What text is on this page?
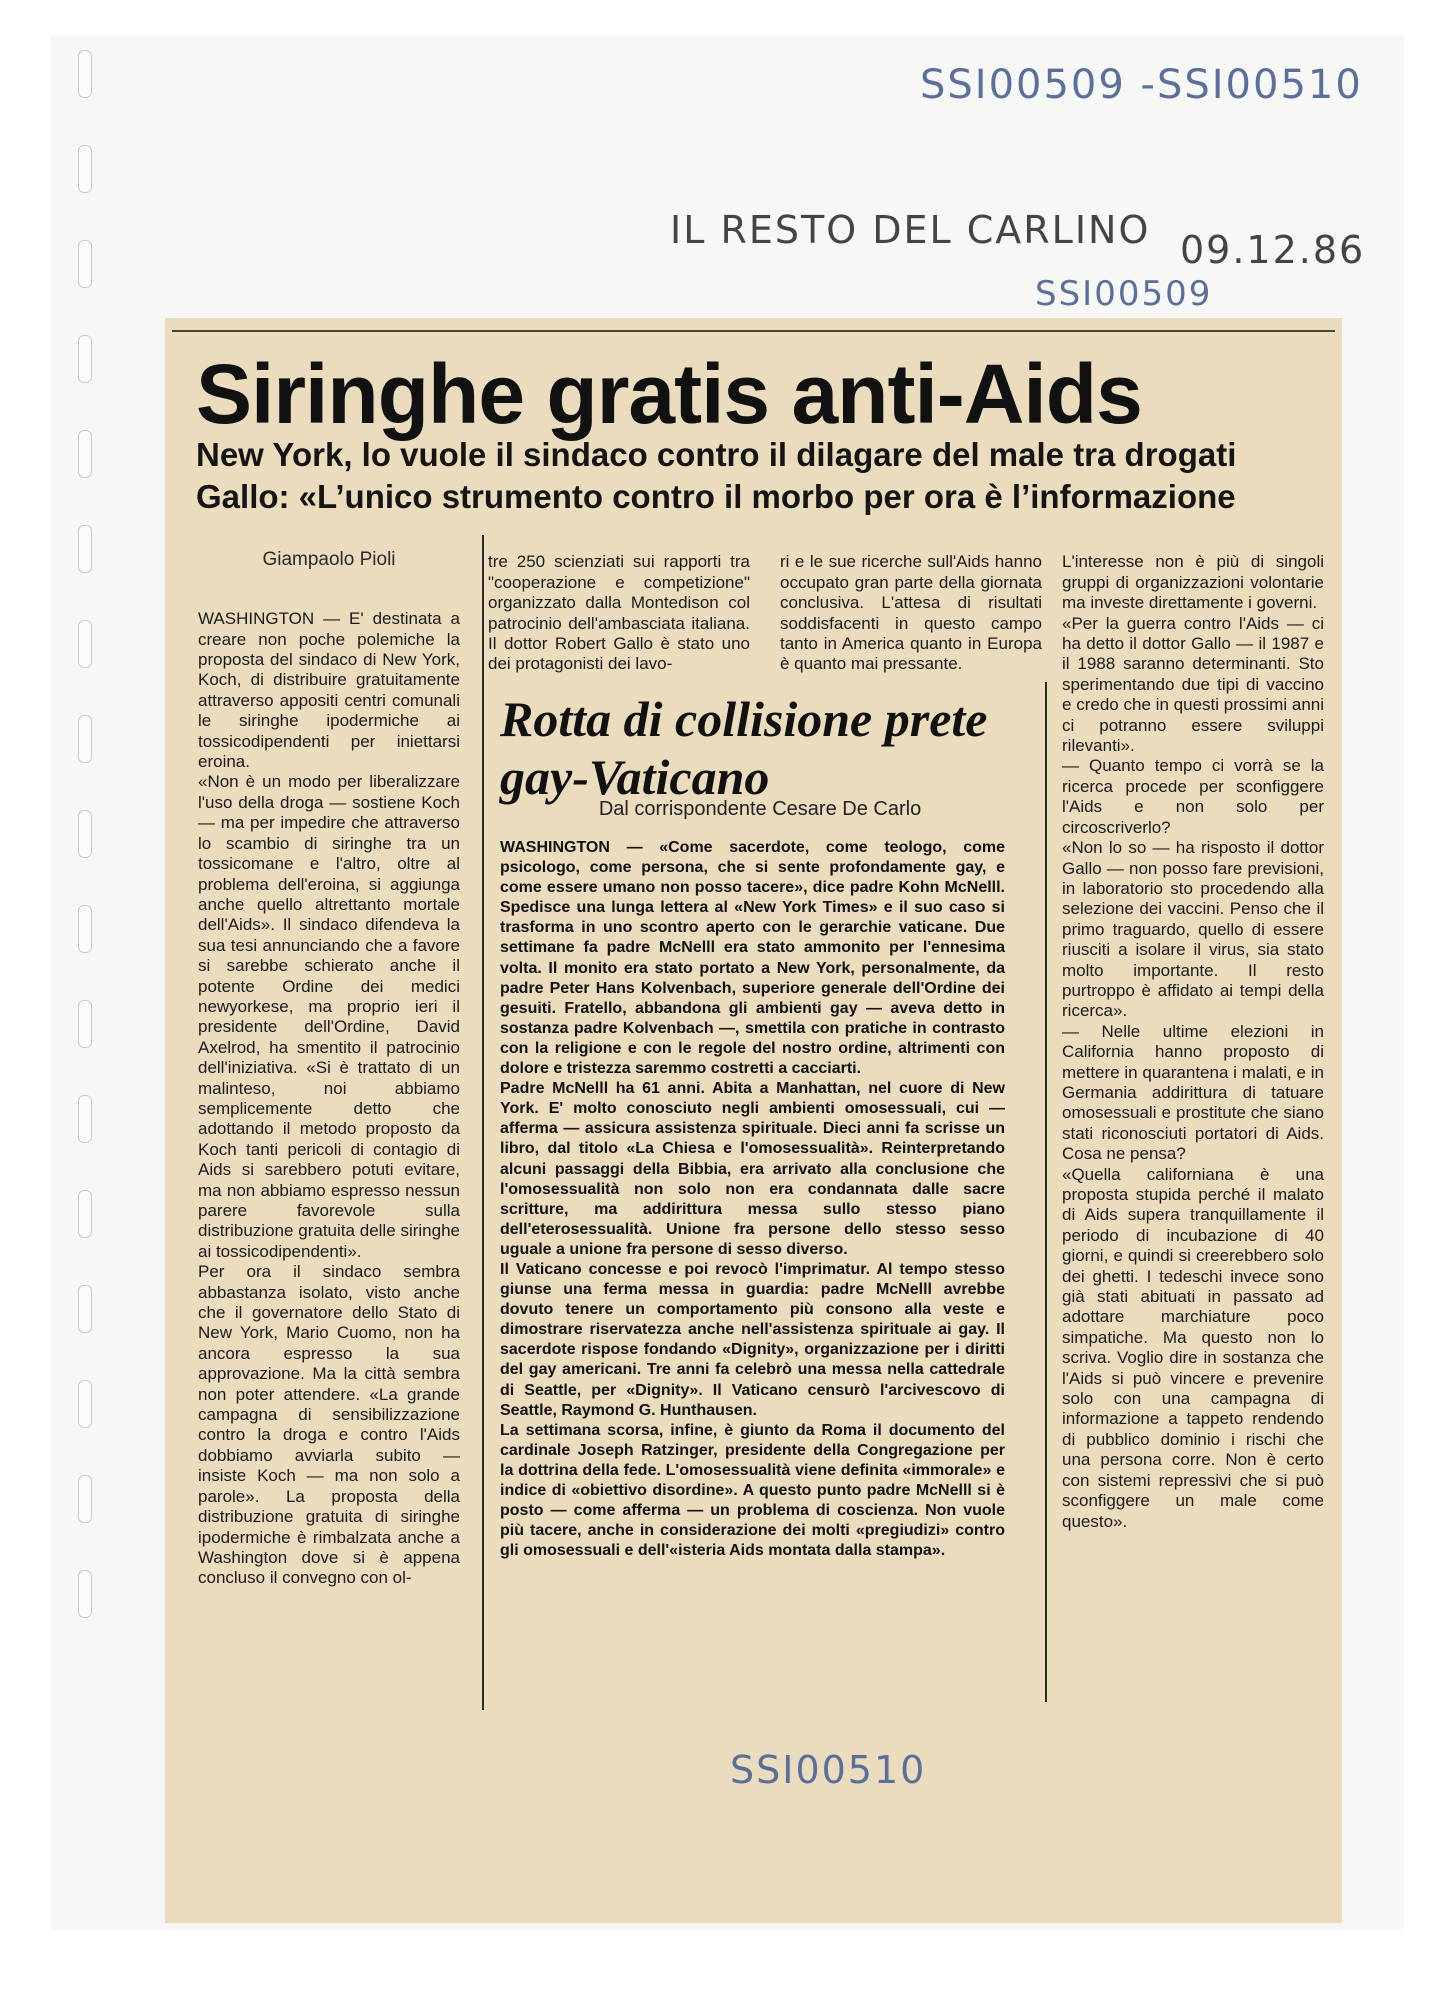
SSI00509 -SSI00510
IL RESTO DEL CARLINO 09.12.86
SSI00509
Siringhe gratis anti-Aids
New York, lo vuole il sindaco contro il dilagare del male tra drogati
Gallo: «L’unico strumento contro il morbo per ora è l’informazione

Giampaolo Pioli

WASHINGTON — E' destinata a creare non poche polemiche la proposta del sindaco di New York, Koch, di distribuire gratuitamente attraverso appositi centri comunali le siringhe ipodermiche ai tossicodipendenti per iniettarsi eroina.
«Non è un modo per liberalizzare l'uso della droga — sostiene Koch — ma per impedire che attraverso lo scambio di siringhe tra un tossicomane e l'altro, oltre al problema dell'eroina, si aggiunga anche quello altrettanto mortale dell'Aids». Il sindaco difendeva la sua tesi annunciando che a favore si sarebbe schierato anche il potente Ordine dei medici newyorkese, ma proprio ieri il presidente dell'Ordine, David Axelrod, ha smentito il patrocinio dell'iniziativa. «Si è trattato di un malinteso, noi abbiamo semplicemente detto che adottando il metodo proposto da Koch tanti pericoli di contagio di Aids si sarebbero potuti evitare, ma non abbiamo espresso nessun parere favorevole sulla distribuzione gratuita delle siringhe ai tossicodipendenti».
Per ora il sindaco sembra abbastanza isolato, visto anche che il governatore dello Stato di New York, Mario Cuomo, non ha ancora espresso la sua approvazione. Ma la città sembra non poter attendere. «La grande campagna di sensibilizzazione contro la droga e contro l'Aids dobbiamo avviarla subito — insiste Koch — ma non solo a parole». La proposta della distribuzione gratuita di siringhe ipodermiche è rimbalzata anche a Washington dove si è appena concluso il convegno con ol-

tre 250 scienziati sui rapporti tra "cooperazione e competizione" organizzato dalla Montedison col patrocinio dell'ambasciata italiana. Il dottor Robert Gallo è stato uno dei protagonisti dei lavo-

ri e le sue ricerche sull'Aids hanno occupato gran parte della giornata conclusiva. L'attesa di risultati soddisfacenti in questo campo tanto in America quanto in Europa è quanto mai pressante.

L'interesse non è più di singoli gruppi di organizzazioni volontarie ma investe direttamente i governi.
«Per la guerra contro l'Aids — ci ha detto il dottor Gallo — il 1987 e il 1988 saranno determinanti. Sto sperimentando due tipi di vaccino e credo che in questi prossimi anni ci potranno essere sviluppi rilevanti».
— Quanto tempo ci vorrà se la ricerca procede per sconfiggere l'Aids e non solo per circoscriverlo?
«Non lo so — ha risposto il dottor Gallo — non posso fare previsioni, in laboratorio sto procedendo alla selezione dei vaccini. Penso che il primo traguardo, quello di essere riusciti a isolare il virus, sia stato molto importante. Il resto purtroppo è affidato ai tempi della ricerca».
— Nelle ultime elezioni in California hanno proposto di mettere in quarantena i malati, e in Germania addirittura di tatuare omosessuali e prostitute che siano stati riconosciuti portatori di Aids. Cosa ne pensa?
«Quella californiana è una proposta stupida perché il malato di Aids supera tranquillamente il periodo di incubazione di 40 giorni, e quindi si creerebbero solo dei ghetti. I tedeschi invece sono già stati abituati in passato ad adottare marchiature poco simpatiche. Ma questo non lo scriva. Voglio dire in sostanza che l'Aids si può vincere e prevenire solo con una campagna di informazione a tappeto rendendo di pubblico dominio i rischi che una persona corre. Non è certo con sistemi repressivi che si può sconfiggere un male come questo».

Rotta di collisione prete gay-Vaticano
Dal corrispondente Cesare De Carlo
WASHINGTON — «Come sacerdote, come teologo, come psicologo, come persona, che si sente profondamente gay, e come essere umano non posso tacere», dice padre Kohn McNelll. Spedisce una lunga lettera al «New York Times» e il suo caso si trasforma in uno scontro aperto con le gerarchie vaticane. Due settimane fa padre McNelll era stato ammonito per l'ennesima volta. Il monito era stato portato a New York, personalmente, da padre Peter Hans Kolvenbach, superiore generale dell'Ordine dei gesuiti. Fratello, abbandona gli ambienti gay — aveva detto in sostanza padre Kolvenbach —, smettila con pratiche in contrasto con la religione e con le regole del nostro ordine, altrimenti con dolore e tristezza saremmo costretti a cacciarti.
Padre McNelll ha 61 anni. Abita a Manhattan, nel cuore di New York. E' molto conosciuto negli ambienti omosessuali, cui — afferma — assicura assistenza spirituale. Dieci anni fa scrisse un libro, dal titolo «La Chiesa e l'omosessualità». Reinterpretando alcuni passaggi della Bibbia, era arrivato alla conclusione che l'omosessualità non solo non era condannata dalle sacre scritture, ma addirittura messa sullo stesso piano dell'eterosessualità. Unione fra persone dello stesso sesso uguale a unione fra persone di sesso diverso.
Il Vaticano concesse e poi revocò l'imprimatur. Al tempo stesso giunse una ferma messa in guardia: padre McNelll avrebbe dovuto tenere un comportamento più consono alla veste e dimostrare riservatezza anche nell'assistenza spirituale ai gay. Il sacerdote rispose fondando «Dignity», organizzazione per i diritti del gay americani. Tre anni fa celebrò una messa nella cattedrale di Seattle, per «Dignity». Il Vaticano censurò l'arcivescovo di Seattle, Raymond G. Hunthausen.
La settimana scorsa, infine, è giunto da Roma il documento del cardinale Joseph Ratzinger, presidente della Congregazione per la dottrina della fede. L'omosessualità viene definita «immorale» e indice di «obiettivo disordine». A questo punto padre McNelll si è posto — come afferma — un problema di coscienza. Non vuole più tacere, anche in considerazione dei molti «pregiudizi» contro gli omosessuali e dell'«isteria Aids montata dalla stampa».
SSI00510
